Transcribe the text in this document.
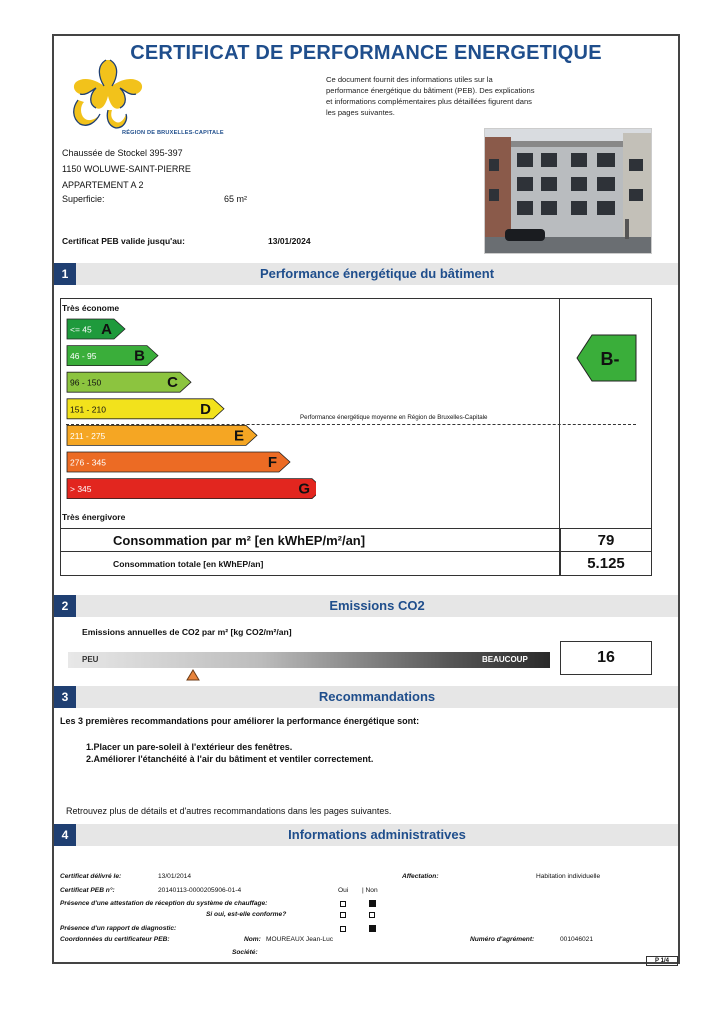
CERTIFICAT DE PERFORMANCE ENERGETIQUE
RÉGION DE BRUXELLES-CAPITALE
Ce document fournit des informations utiles sur la performance énergétique du bâtiment (PEB). Des explications et informations complémentaires plus détaillées figurent dans les pages suivantes.
Chaussée de Stockel 395-397
1150 WOLUWE-SAINT-PIERRE
APPARTEMENT A 2
Superficie:	65 m²
Certificat PEB valide jusqu'au:	13/01/2024
1	Performance énergétique du bâtiment
Très économe
Très énergivore
<= 45 A
46 - 95	B
96 - 150	C
151 - 210	D
211 - 275	E
276 - 345	F
> 345	G
Performance énergétique moyenne en Région de Bruxelles-Capitale
B-
Consommation par m² [en kWhEP/m²/an]	79
Consommation totale [en kWhEP/an]	5.125
2	Emissions CO2
Emissions annuelles de CO2 par m² [kg CO2/m²/an]
PEU	BEAUCOUP	16
3	Recommandations
Les 3 premières recommandations pour améliorer la performance énergétique sont:
1.Placer un pare-soleil à l'extérieur des fenêtres.
2.Améliorer l'étanchéité à l'air du bâtiment et ventiler correctement.
Retrouvez plus de détails et d'autres recommandations dans les pages suivantes.
4	Informations administratives
Certificat délivré le:	13/01/2014	Affectation:	Habitation individuelle
Certificat PEB n°:	20140113-0000205906-01-4	Oui | Non
Présence d'une attestation de réception du système de chauffage:
Si oui, est-elle conforme?
Présence d'un rapport de diagnostic:
Coordonnées du certificateur PEB:	Nom: MOUREAUX Jean-Luc	Numéro d'agrément:	001046021
Société:
P 1/4
